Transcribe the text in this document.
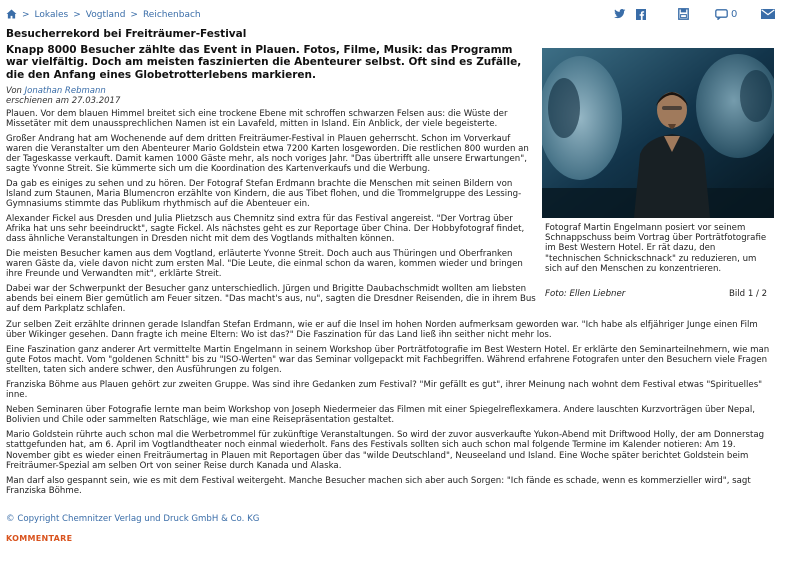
> Lokales > Vogtland > Reichenbach	0
Besucherrekord bei Freiträumer-Festival
Knapp 8000 Besucher zählte das Event in Plauen. Fotos, Filme, Musik: das Programm war vielfältig. Doch am meisten faszinierten die Abenteurer selbst. Oft sind es Zufälle, die den Anfang eines Globetrotterlebens markieren.
Von Jonathan Rebmann
erschienen am 27.03.2017

Plauen. Vor dem blauen Himmel breitet sich eine trockene Ebene mit schroffen schwarzen Felsen aus: die Wüste der Missetäter mit dem unaussprechlichen Namen ist ein Lavafeld, mitten in Island. Ein Anblick, der viele begeisterte.

Großer Andrang hat am Wochenende auf dem dritten Freiträumer-Festival in Plauen geherrscht. Schon im Vorverkauf waren die Veranstalter um den Abenteurer Mario Goldstein etwa 7200 Karten losgeworden. Die restlichen 800 wurden an der Tageskasse verkauft. Damit kamen 1000 Gäste mehr, als noch voriges Jahr. "Das übertrifft alle unsere Erwartungen", sagte Yvonne Streit. Sie kümmerte sich um die Koordination des Kartenverkaufs und die Werbung.

Da gab es einiges zu sehen und zu hören. Der Fotograf Stefan Erdmann brachte die Menschen mit seinen Bildern von Island zum Staunen, Maria Blumencron erzählte von Kindern, die aus Tibet flohen, und die Trommelgruppe des Lessing-Gymnasiums stimmte das Publikum rhythmisch auf die Abenteuer ein.

Alexander Fickel aus Dresden und Julia Plietzsch aus Chemnitz sind extra für das Festival angereist. "Der Vortrag über Afrika hat uns sehr beeindruckt", sagte Fickel. Als nächstes geht es zur Reportage über China. Der Hobbyfotograf findet, dass ähnliche Veranstaltungen in Dresden nicht mit dem des Vogtlands mithalten können.

Die meisten Besucher kamen aus dem Vogtland, erläuterte Yvonne Streit. Doch auch aus Thüringen und Oberfranken waren Gäste da, viele davon nicht zum ersten Mal. "Die Leute, die einmal schon da waren, kommen wieder und bringen ihre Freunde und Verwandten mit", erklärte Streit.

Dabei war der Schwerpunkt der Besucher ganz unterschiedlich. Jürgen und Brigitte Daubachschmidt wollten am liebsten abends bei einem Bier gemütlich am Feuer sitzen. "Das macht's aus, nu", sagten die Dresdner Reisenden, die in ihrem Bus auf dem Parkplatz schlafen.

Fotograf Martin Engelmann posiert vor seinem Schnappschuss beim Vortrag über Porträtfotografie im Best Western Hotel. Er rät dazu, den "technischen Schnickschnack" zu reduzieren, um sich auf den Menschen zu konzentrieren.
Foto: Ellen Liebner	Bild 1 / 2

Zur selben Zeit erzählte drinnen gerade Islandfan Stefan Erdmann, wie er auf die Insel im hohen Norden aufmerksam geworden war. "Ich habe als elfjähriger Junge einen Film über Wikinger gesehen. Dann fragte ich meine Eltern: Wo ist das?" Die Faszination für das Land ließ ihn seither nicht mehr los.

Eine Faszination ganz anderer Art vermittelte Martin Engelmann in seinem Workshop über Porträtfotografie im Best Western Hotel. Er erklärte den Seminarteilnehmern, wie man gute Fotos macht. Vom "goldenen Schnitt" bis zu "ISO-Werten" war das Seminar vollgepackt mit Fachbegriffen. Während erfahrene Fotografen unter den Besuchern viele Fragen stellten, taten sich andere schwer, den Ausführungen zu folgen.

Franziska Böhme aus Plauen gehört zur zweiten Gruppe. Was sind ihre Gedanken zum Festival? "Mir gefällt es gut", ihrer Meinung nach wohnt dem Festival etwas "Spirituelles" inne.

Neben Seminaren über Fotografie lernte man beim Workshop von Joseph Niedermeier das Filmen mit einer Spiegelreflexkamera. Andere lauschten Kurzvorträgen über Nepal, Bolivien und Chile oder sammelten Ratschläge, wie man eine Reisepräsentation gestaltet.

Mario Goldstein rührte auch schon mal die Werbetrommel für zukünftige Veranstaltungen. So wird der zuvor ausverkaufte Yukon-Abend mit Driftwood Holly, der am Donnerstag stattgefunden hat, am 6. April im Vogtlandtheater noch einmal wiederholt. Fans des Festivals sollten sich auch schon mal folgende Termine im Kalender notieren: Am 19. November gibt es wieder einen Freiträumertag in Plauen mit Reportagen über das "wilde Deutschland", Neuseeland und Island. Eine Woche später berichtet Goldstein beim Freiträumer-Spezial am selben Ort von seiner Reise durch Kanada und Alaska.

Man darf also gespannt sein, wie es mit dem Festival weitergeht. Manche Besucher machen sich aber auch Sorgen: "Ich fände es schade, wenn es kommerzieller wird", sagt Franziska Böhme.

© Copyright Chemnitzer Verlag und Druck GmbH & Co. KG
KOMMENTARE
